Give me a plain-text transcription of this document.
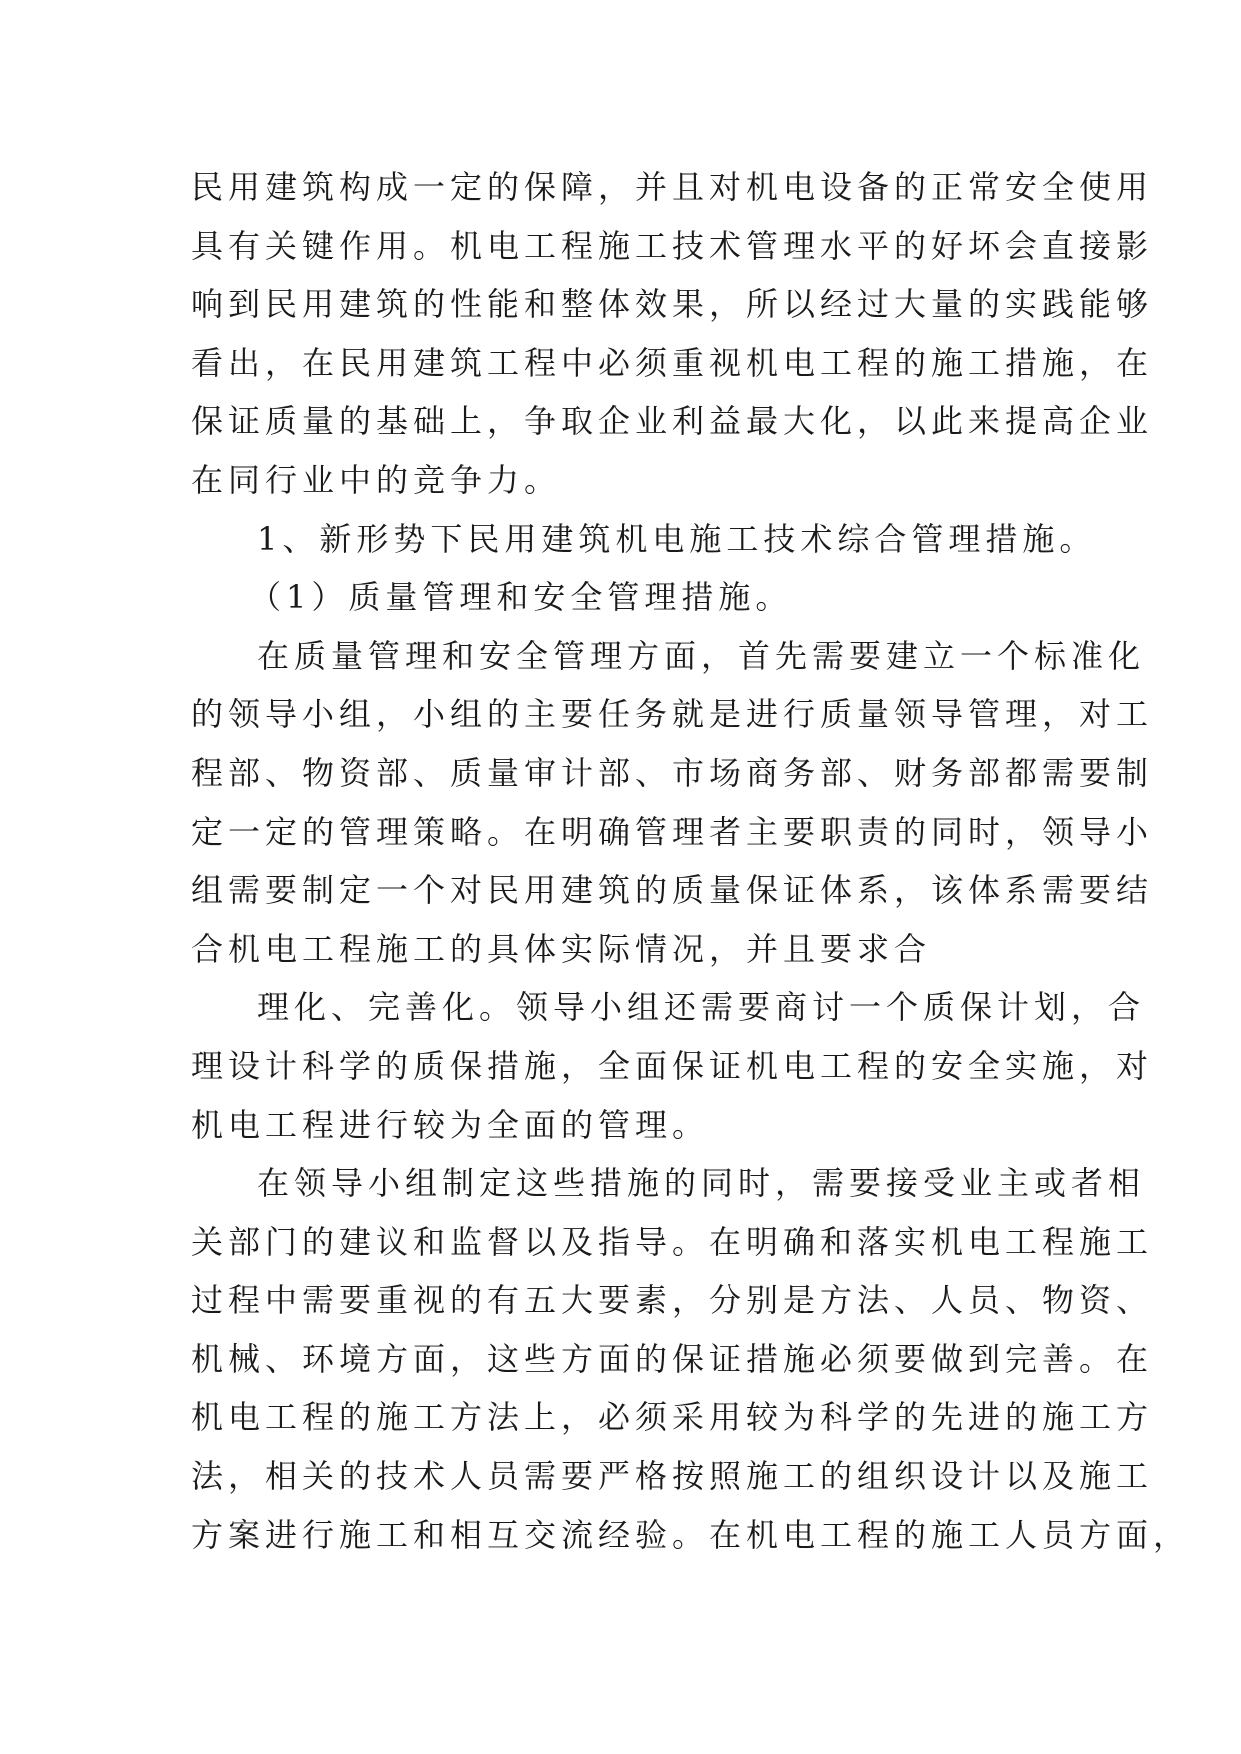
民用建筑构成一定的保障，并且对机电设备的正常安全使用
具有关键作用。机电工程施工技术管理水平的好坏会直接影
响到民用建筑的性能和整体效果，所以经过大量的实践能够
看出，在民用建筑工程中必须重视机电工程的施工措施，在
保证质量的基础上，争取企业利益最大化，以此来提高企业
在同行业中的竞争力。
1、新形势下民用建筑机电施工技术综合管理措施。
（1）质量管理和安全管理措施。
在质量管理和安全管理方面，首先需要建立一个标准化
的领导小组，小组的主要任务就是进行质量领导管理，对工
程部、物资部、质量审计部、市场商务部、财务部都需要制
定一定的管理策略。在明确管理者主要职责的同时，领导小
组需要制定一个对民用建筑的质量保证体系，该体系需要结
合机电工程施工的具体实际情况，并且要求合
理化、完善化。领导小组还需要商讨一个质保计划，合
理设计科学的质保措施，全面保证机电工程的安全实施，对
机电工程进行较为全面的管理。
在领导小组制定这些措施的同时，需要接受业主或者相
关部门的建议和监督以及指导。在明确和落实机电工程施工
过程中需要重视的有五大要素，分别是方法、人员、物资、
机械、环境方面，这些方面的保证措施必须要做到完善。在
机电工程的施工方法上，必须采用较为科学的先进的施工方
法，相关的技术人员需要严格按照施工的组织设计以及施工
方案进行施工和相互交流经验。在机电工程的施工人员方面，
